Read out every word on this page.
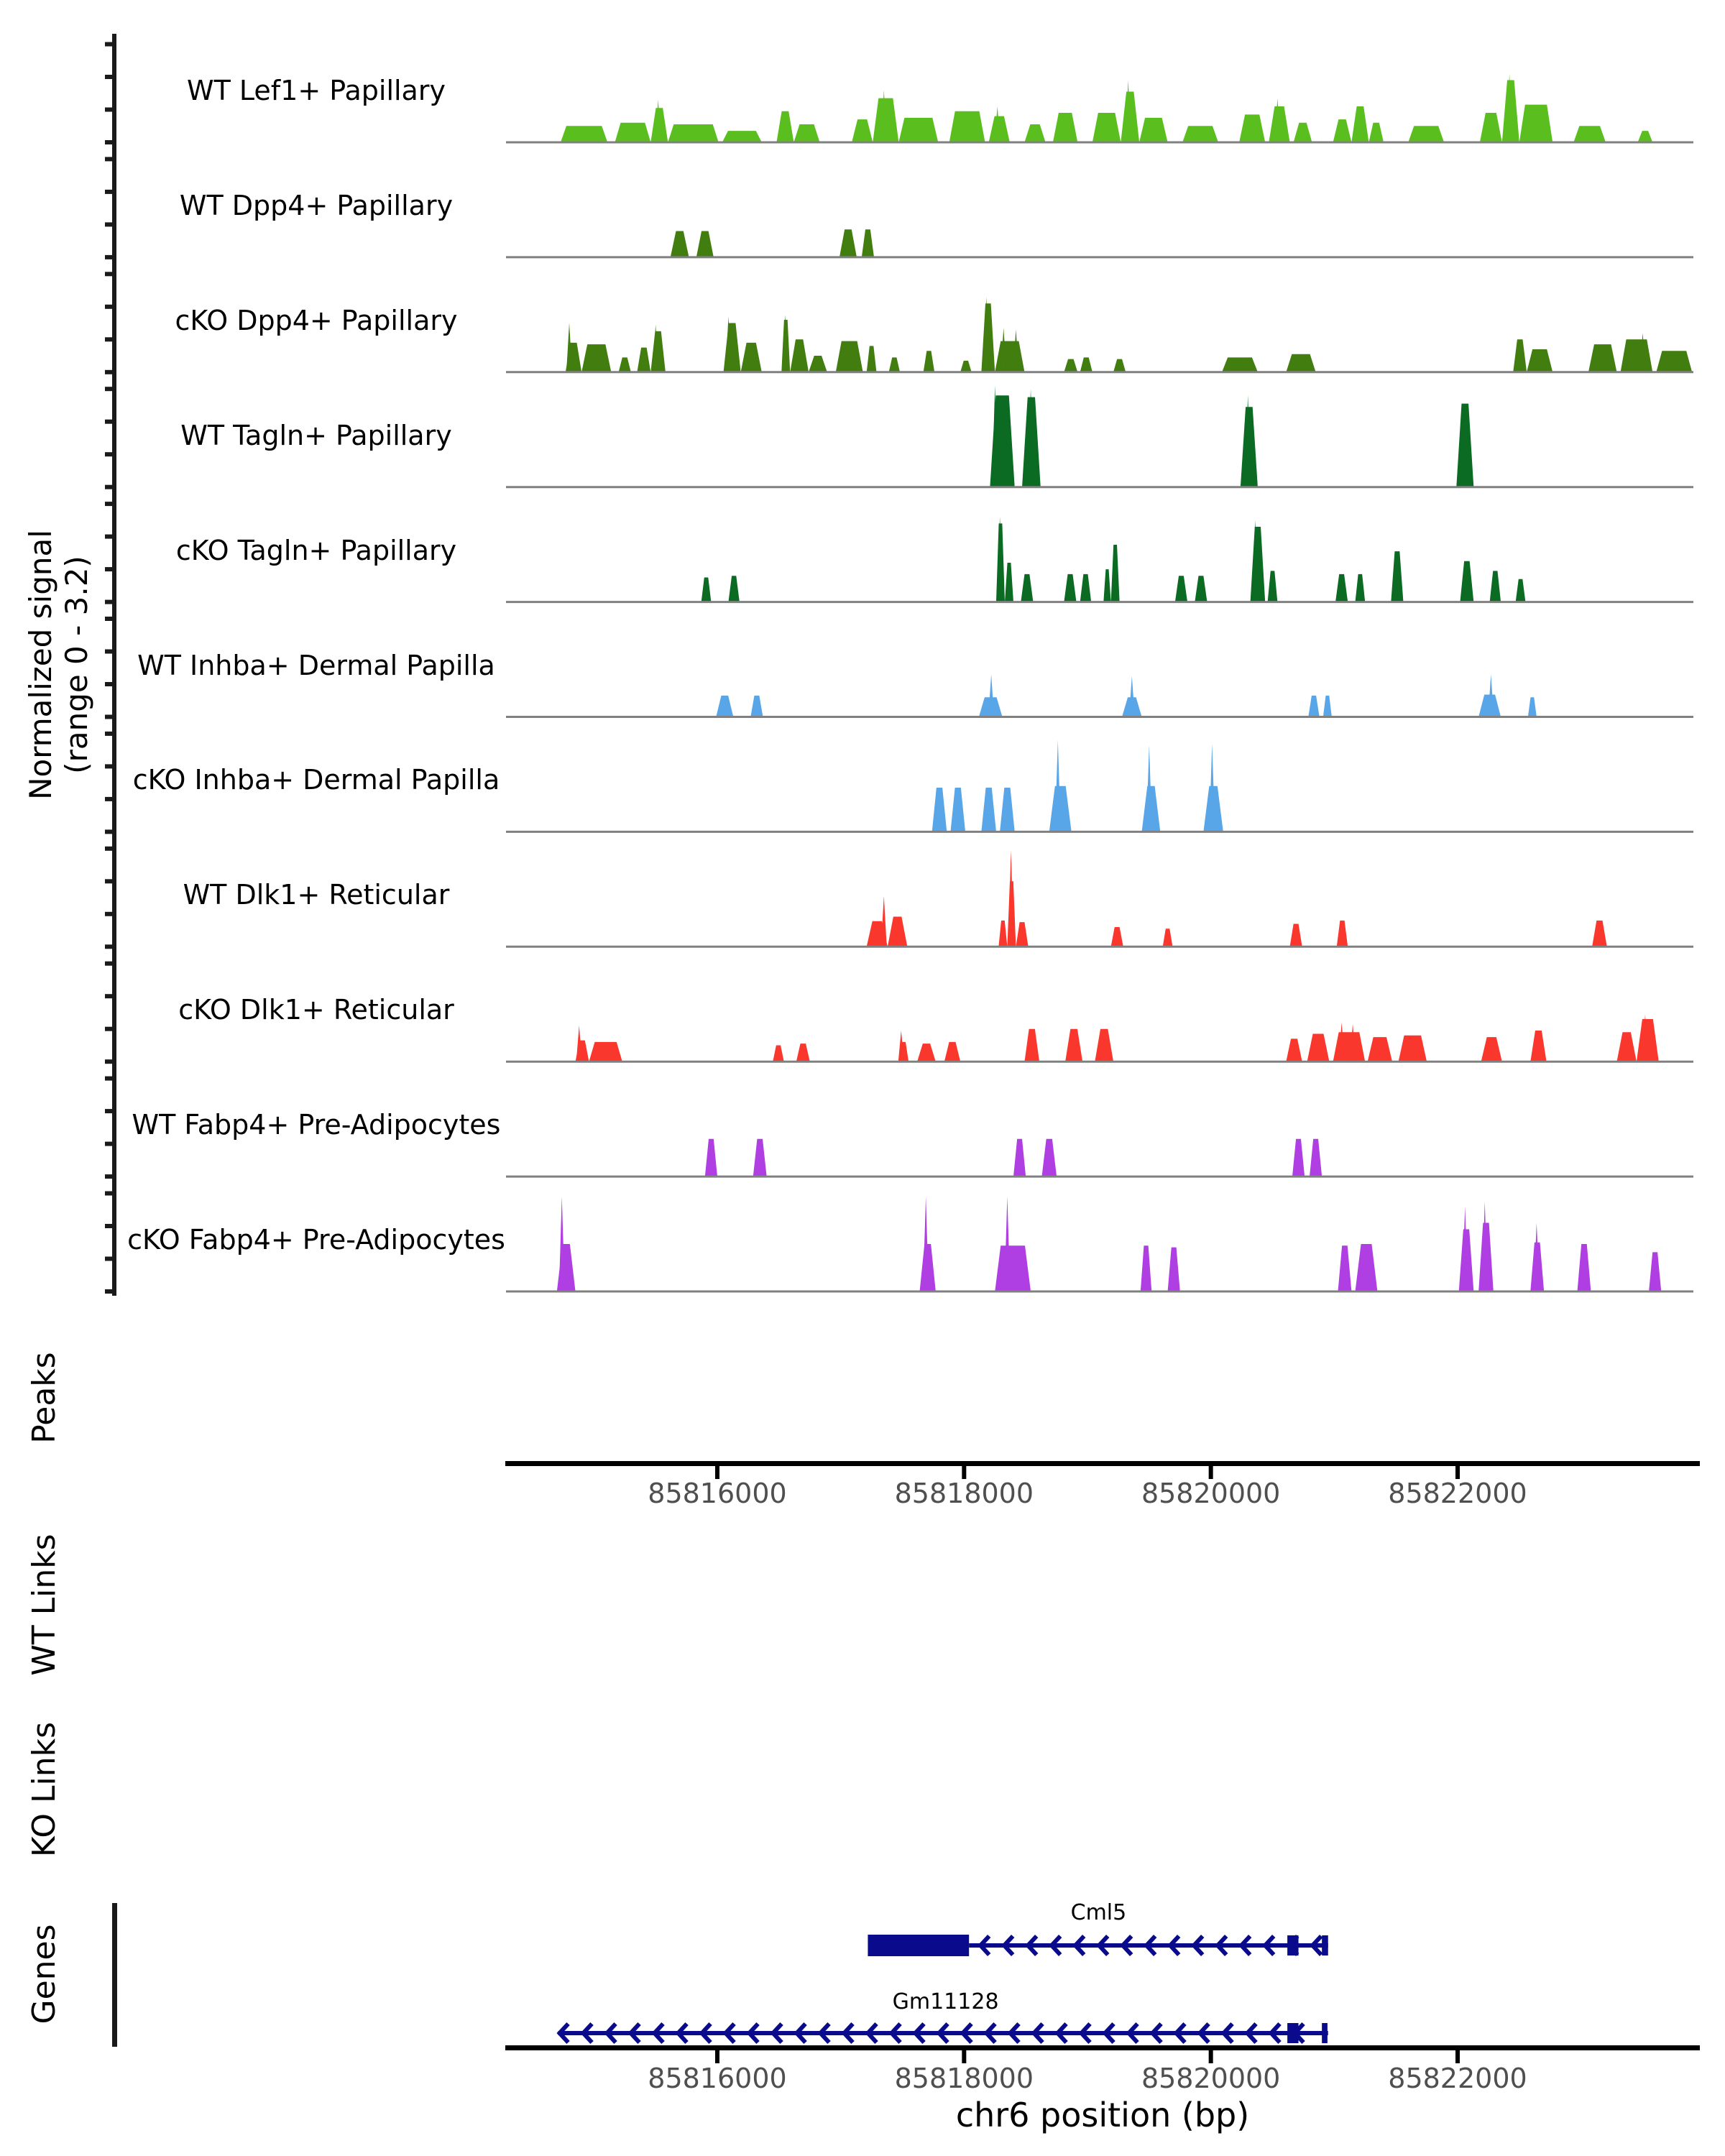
Normalized signal (range 0 - 3.2)
Peaks
WT Links
KO Links
Genes
chr6 position (bp)
WT Lef1+ Papillary
WT Dpp4+ Papillary
cKO Dpp4+ Papillary
WT Tagln+ Papillary
cKO Tagln+ Papillary
WT Inhba+ Dermal Papilla
cKO Inhba+ Dermal Papilla
WT Dlk1+ Reticular
cKO Dlk1+ Reticular
WT Fabp4+ Pre-Adipocytes
cKO Fabp4+ Pre-Adipocytes
85816000	85818000	85820000	85822000
85816000	85818000	85820000	85822000
Cml5
Gm11128
